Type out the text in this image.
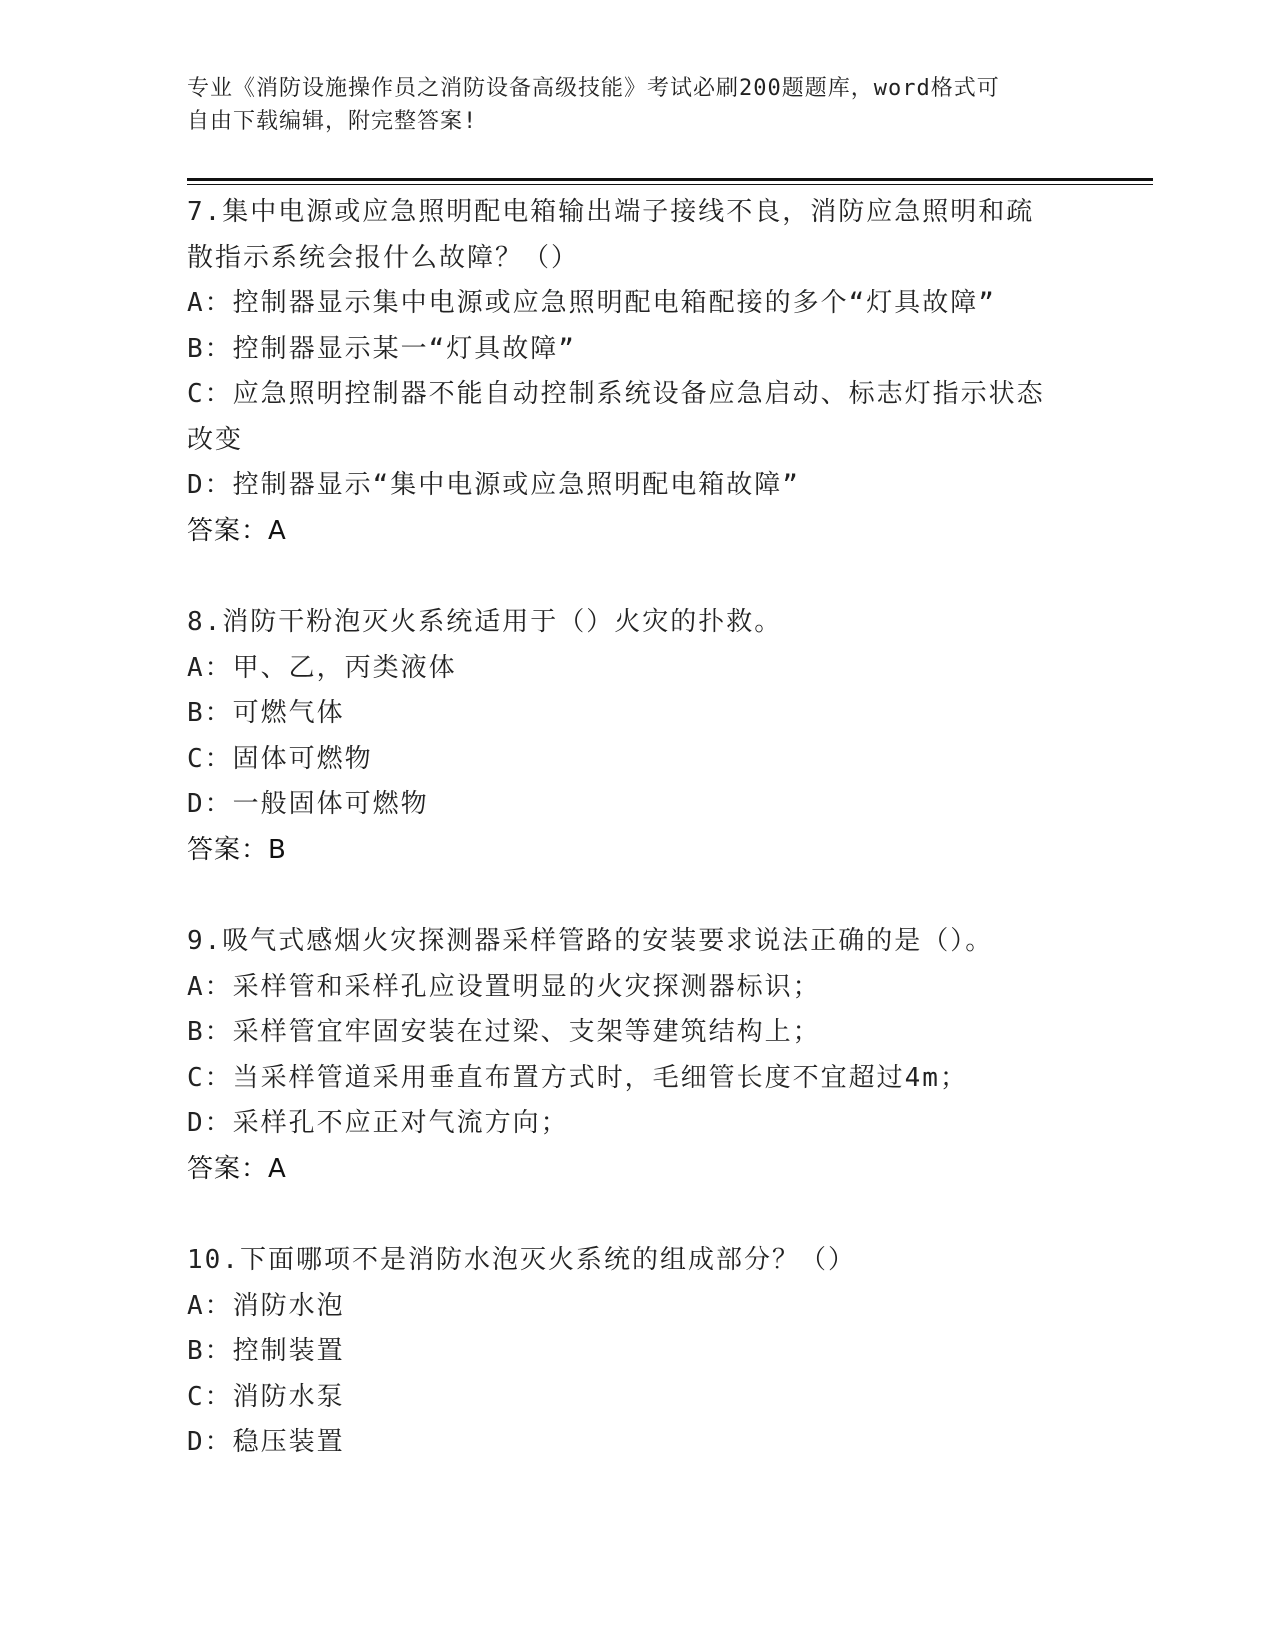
专业《消防设施操作员之消防设备高级技能》考试必刷200题题库，word格式可
自由下载编辑，附完整答案!

7.集中电源或应急照明配电箱输出端子接线不良，消防应急照明和疏

散指示系统会报什么故障？（）

A：控制器显示集中电源或应急照明配电箱配接的多个“灯具故障”

B：控制器显示某一“灯具故障”

C：应急照明控制器不能自动控制系统设备应急启动、标志灯指示状态

改变

D：控制器显示“集中电源或应急照明配电箱故障”

答案：A

8.消防干粉泡灭火系统适用于（）火灾的扑救。

A：甲、乙，丙类液体

B：可燃气体

C：固体可燃物

D：一般固体可燃物

答案：B

9.吸气式感烟火灾探测器采样管路的安装要求说法正确的是（）。

A：采样管和采样孔应设置明显的火灾探测器标识；

B：采样管宜牢固安装在过梁、支架等建筑结构上；

C：当采样管道采用垂直布置方式时，毛细管长度不宜超过4m；

D：采样孔不应正对气流方向；

答案：A

10.下面哪项不是消防水泡灭火系统的组成部分？（）

A：消防水泡

B：控制装置

C：消防水泵

D：稳压装置
